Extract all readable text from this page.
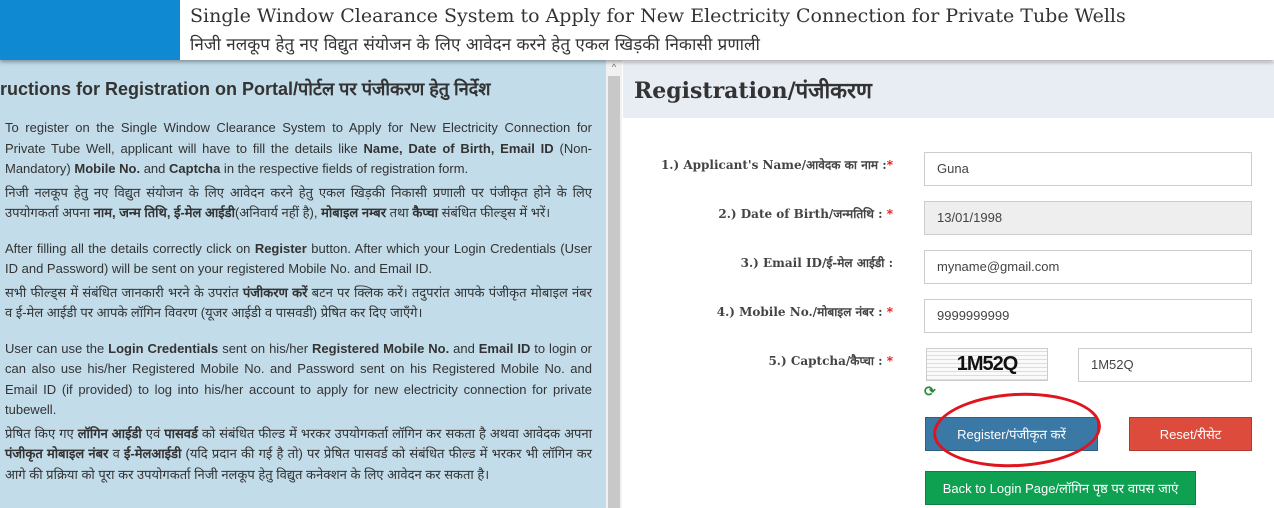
Single Window Clearance System to Apply for New Electricity Connection for Private Tube Wells
निजी नलकूप हेतु नए विद्युत संयोजन के लिए आवेदन करने हेतु एकल खिड़की निकासी प्रणाली
ructions for Registration on Portal/पोर्टल पर पंजीकरण हेतु निर्देश

To register on the Single Window Clearance System to Apply for New Electricity Connection for Private Tube Well, applicant will have to fill the details like Name, Date of Birth, Email ID (Non-Mandatory) Mobile No. and Captcha in the respective fields of registration form.

निजी नलकूप हेतु नए विद्युत संयोजन के लिए आवेदन करने हेतु एकल खिड़की निकासी प्रणाली पर पंजीकृत होने के लिए उपयोगकर्ता अपना नाम, जन्म तिथि, ई-मेल आईडी(अनिवार्य नहीं है), मोबाइल नम्बर तथा कैप्चा संबंधित फील्ड्स में भरें।

After filling all the details correctly click on Register button. After which your Login Credentials (User ID and Password) will be sent on your registered Mobile No. and Email ID.

सभी फील्ड्स में संबंधित जानकारी भरने के उपरांत पंजीकरण करें बटन पर क्लिक करें। तदुपरांत आपके पंजीकृत मोबाइल नंबर व ई-मेल आईडी पर आपके लॉगिन विवरण (यूजर आईडी व पासवडी) प्रेषित कर दिए जाएँगे।

User can use the Login Credentials sent on his/her Registered Mobile No. and Email ID to login or can also use his/her Registered Mobile No. and Password sent on his Registered Mobile No. and Email ID (if provided) to log into his/her account to apply for new electricity connection for private tubewell.

प्रेषित किए गए लॉगिन आईडी एवं पासवर्ड को संबंधित फील्ड में भरकर उपयोगकर्ता लॉगिन कर सकता है अथवा आवेदक अपना पंजीकृत मोबाइल नंबर व ई-मेलआईडी (यदि प्रदान की गई है तो) पर प्रेषित पासवर्ड को संबंधित फील्ड में भरकर भी लॉगिन कर आगे की प्रक्रिया को पूरा कर उपयोगकर्ता निजी नलकूप हेतु विद्युत कनेक्शन के लिए आवेदन कर सकता है।

^
Registration/पंजीकरण
1.) Applicant's Name/आवेदक का नाम :*	Guna
2.) Date of Birth/जन्मतिथि : *	13/01/1998
3.) Email ID/ई-मेल आईडी :	myname@gmail.com
4.) Mobile No./मोबाइल नंबर : *	9999999999
5.) Captcha/कैप्चा : *	1M52Q	1M52Q
⟳
Register/पंजीकृत करें	Reset/रीसेट
Back to Login Page/लॉगिन पृष्ठ पर वापस जाएं
